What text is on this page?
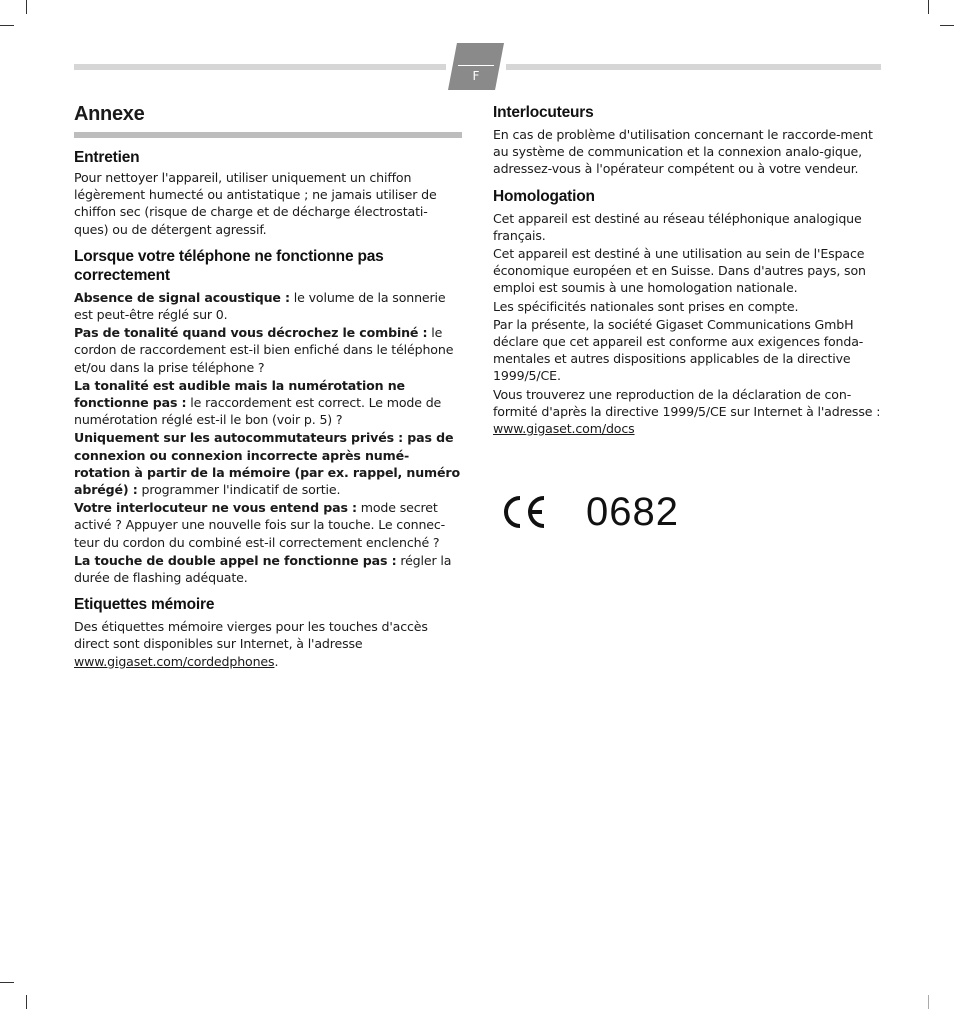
F
Annexe
Entretien

Pour nettoyer l'appareil, utiliser uniquement un chiffon légèrement humecté ou antistatique ; ne jamais utiliser de chiffon sec (risque de charge et de décharge électrostati-ques) ou de détergent agressif.

Lorsque votre téléphone ne fonctionne pas correctement

Absence de signal acoustique : le volume de la sonnerie est peut-être réglé sur 0.

Pas de tonalité quand vous décrochez le combiné : le cordon de raccordement est-il bien enfiché dans le téléphone et/ou dans la prise téléphone ?

La tonalité est audible mais la numérotation ne fonctionne pas : le raccordement est correct. Le mode de numérotation réglé est-il le bon (voir p. 5) ?

Uniquement sur les autocommutateurs privés : pas de connexion ou connexion incorrecte après numé-rotation à partir de la mémoire (par ex. rappel, numéro abrégé) : programmer l'indicatif de sortie.

Votre interlocuteur ne vous entend pas : mode secret activé ? Appuyer une nouvelle fois sur la touche. Le connec-teur du cordon du combiné est-il correctement enclenché ?

La touche de double appel ne fonctionne pas : régler la durée de flashing adéquate.

Etiquettes mémoire

Des étiquettes mémoire vierges pour les touches d'accès direct sont disponibles sur Internet, à l'adresse www.gigaset.com/cordedphones.

Interlocuteurs

En cas de problème d'utilisation concernant le raccorde-ment au système de communication et la connexion analo-gique, adressez-vous à l'opérateur compétent ou à votre vendeur.

Homologation

Cet appareil est destiné au réseau téléphonique analogique français.

Cet appareil est destiné à une utilisation au sein de l'Espace économique européen et en Suisse. Dans d'autres pays, son emploi est soumis à une homologation nationale.

Les spécificités nationales sont prises en compte.

Par la présente, la société Gigaset Communications GmbH déclare que cet appareil est conforme aux exigences fonda-mentales et autres dispositions applicables de la directive 1999/5/CE.

Vous trouverez une reproduction de la déclaration de con-formité d'après la directive 1999/5/CE sur Internet à l'adresse :

www.gigaset.com/docs

0682
